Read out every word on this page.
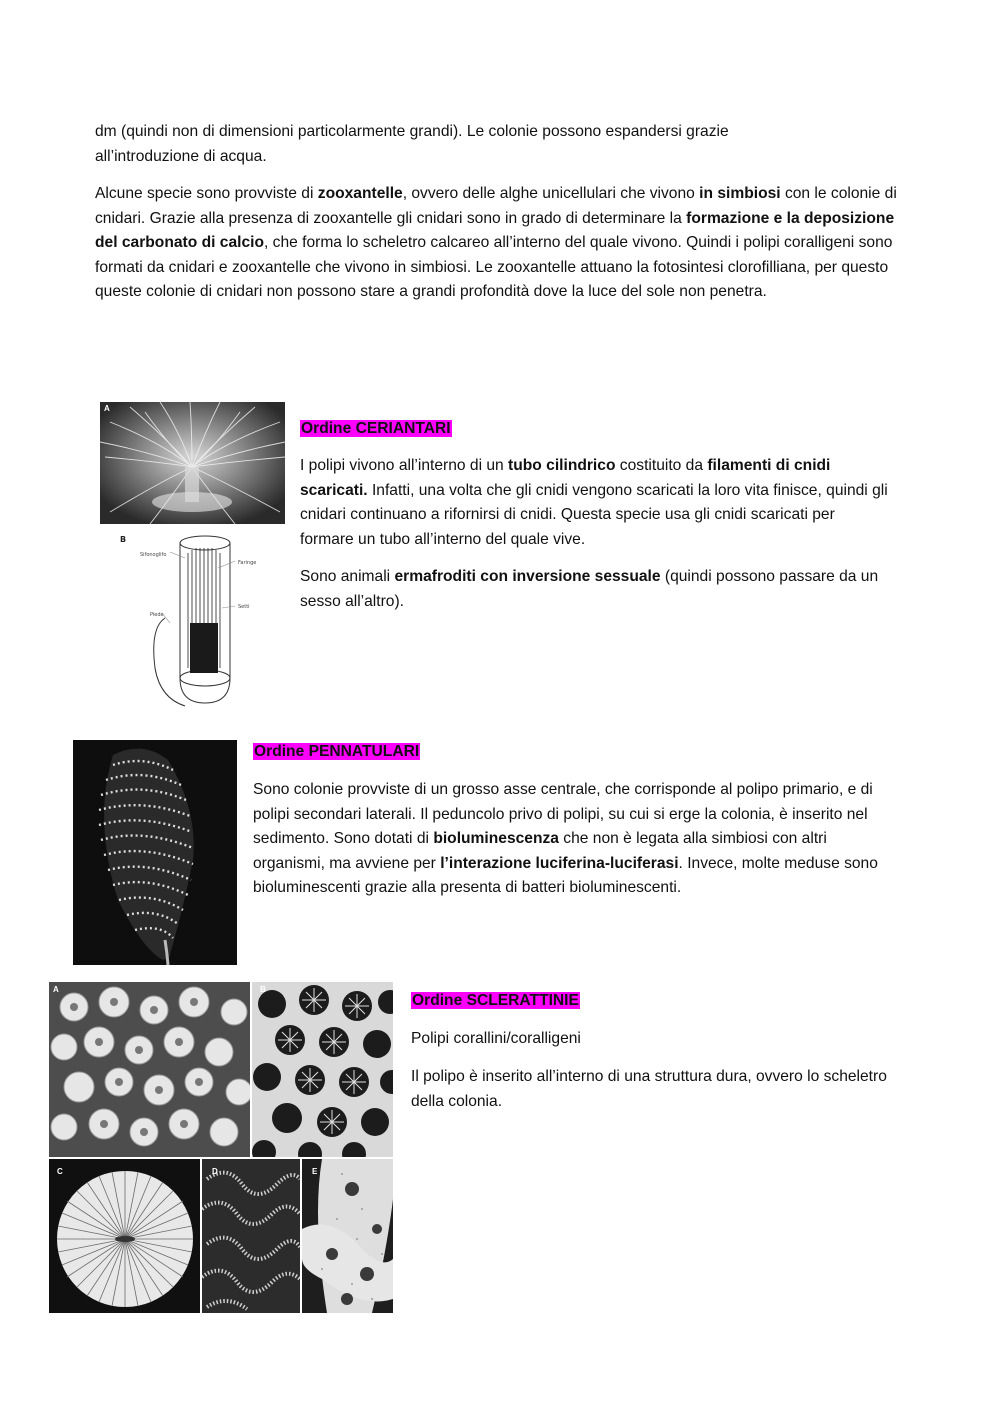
dm (quindi non di dimensioni particolarmente grandi). Le colonie possono espandersi grazie
all’introduzione di acqua.

Alcune specie sono provviste di zooxantelle, ovvero delle alghe unicellulari che vivono in simbiosi con le colonie di cnidari. Grazie alla presenza di zooxantelle gli cnidari sono in grado di determinare la formazione e la deposizione del carbonato di calcio, che forma lo scheletro calcareo all’interno del quale vivono. Quindi i polipi coralligeni sono formati da cnidari e zooxantelle che vivono in simbiosi. Le zooxantelle attuano la fotosintesi clorofilliana, per questo queste colonie di cnidari non possono stare a grandi profondità dove la luce del sole non penetra.

A
B
Sifonoglifo
Faringe
Setti
Piede

Ordine CERIANTARI

I polipi vivono all’interno di un tubo cilindrico costituito da filamenti di cnidi scaricati. Infatti, una volta che gli cnidi vengono scaricati la loro vita finisce, quindi gli cnidari continuano a rifornirsi di cnidi. Questa specie usa gli cnidi scaricati per formare un tubo all’interno del quale vive.

Sono animali ermafroditi con inversione sessuale (quindi possono passare da un sesso all’altro).

Ordine PENNATULARI

Sono colonie provviste di un grosso asse centrale, che corrisponde al polipo primario, e di polipi secondari laterali. Il peduncolo privo di polipi, su cui si erge la colonia, è inserito nel sedimento. Sono dotati di bioluminescenza che non è legata alla simbiosi con altri organismi, ma avviene per l’interazione luciferina-luciferasi. Invece, molte meduse sono bioluminescenti grazie alla presenta di batteri bioluminescenti.

A	B
C	D	E

Ordine SCLERATTINIE

Polipi corallini/coralligeni

Il polipo è inserito all’interno di una struttura dura, ovvero lo scheletro della colonia.
